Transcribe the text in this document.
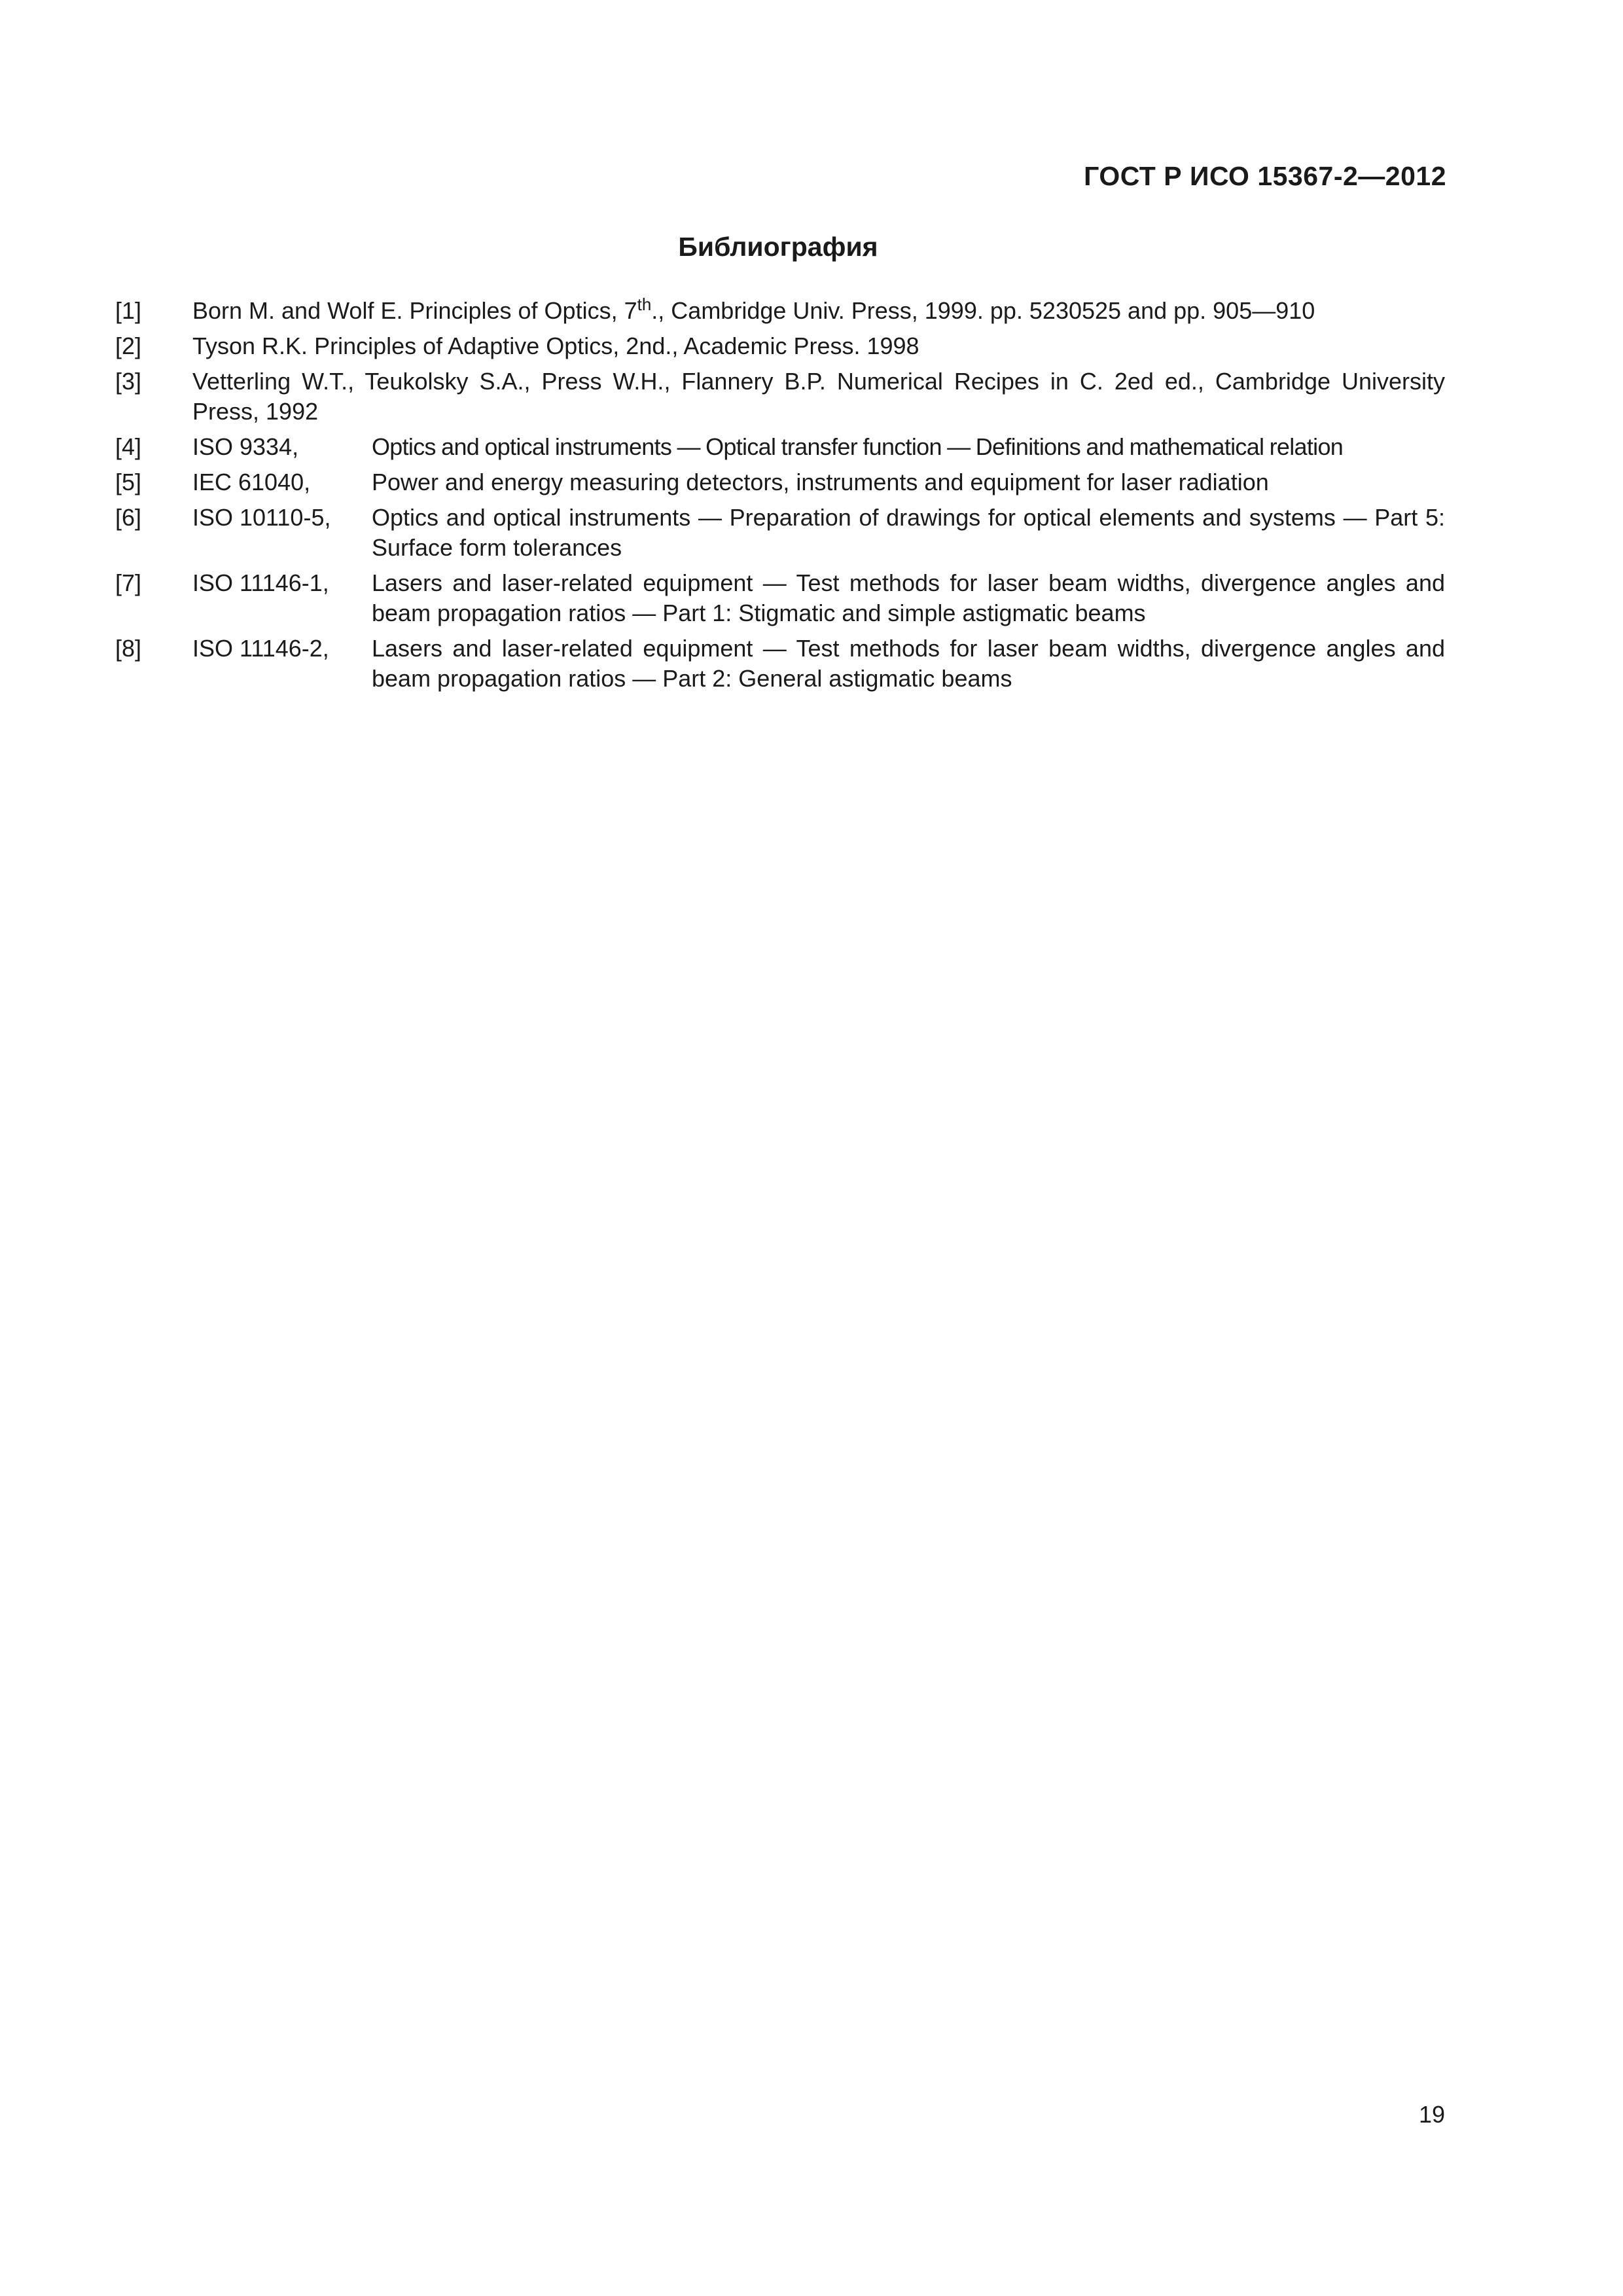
ГОСТ Р ИСО 15367-2—2012
Библиография
[1]	Born M. and Wolf E. Principles of Optics, 7th., Cambridge Univ. Press, 1999. pp. 5230525 and pp. 905—910
[2]	Tyson R.K. Principles of Adaptive Optics, 2nd., Academic Press. 1998
[3]	Vetterling W.T., Teukolsky S.A., Press W.H., Flannery B.P. Numerical Recipes in C. 2ed ed., Cambridge University Press, 1992
[4]	ISO 9334,	Optics and optical instruments — Optical transfer function — Definitions and mathematical relation
[5]	IEC 61040,	Power and energy measuring detectors, instruments and equipment for laser radiation
[6]	ISO 10110-5,	Optics and optical instruments — Preparation of drawings for optical elements and systems — Part 5: Surface form tolerances
[7]	ISO 11146-1,	Lasers and laser-related equipment — Test methods for laser beam widths, divergence angles and beam propagation ratios — Part 1: Stigmatic and simple astigmatic beams
[8]	ISO 11146-2,	Lasers and laser-related equipment — Test methods for laser beam widths, divergence angles and beam propagation ratios — Part 2: General astigmatic beams
19
